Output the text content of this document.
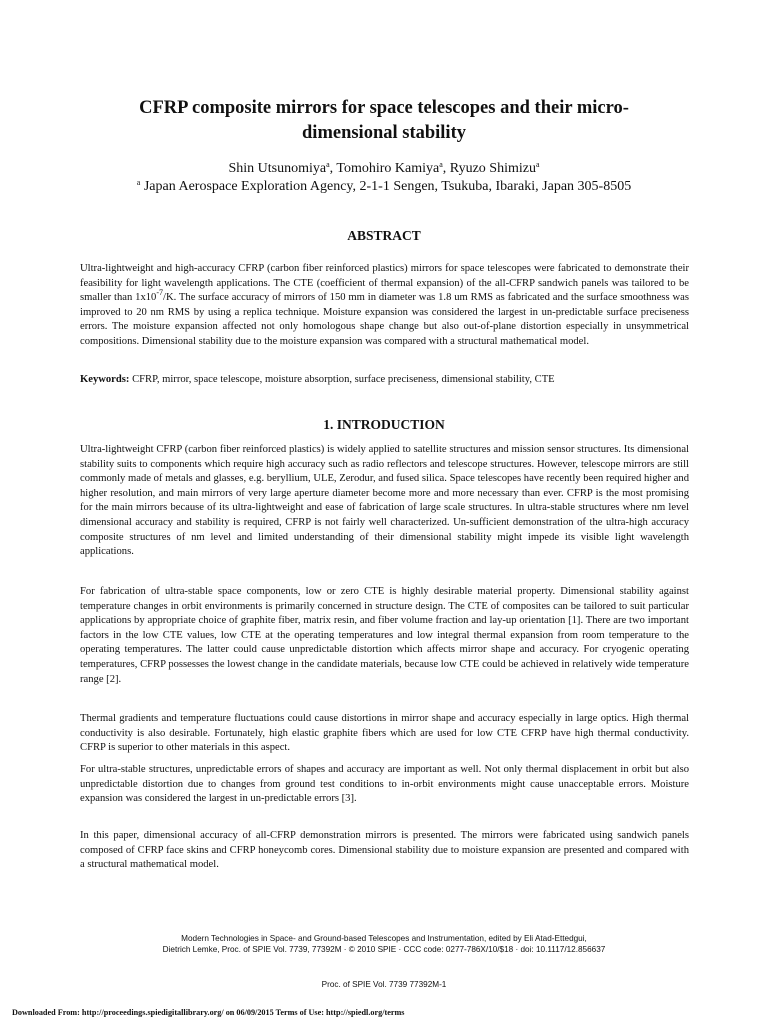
CFRP composite mirrors for space telescopes and their micro-
dimensional stability
Shin Utsunomiya$^a$, Tomohiro Kamiya$^a$, Ryuzo Shimizu$^a$
$^a$ Japan Aerospace Exploration Agency, 2-1-1 Sengen, Tsukuba, Ibaraki, Japan 305-8505
ABSTRACT

Ultra-lightweight and high-accuracy CFRP (carbon fiber reinforced plastics) mirrors for space telescopes were fabricated to demonstrate their feasibility for light wavelength applications. The CTE (coefficient of thermal expansion) of the all-CFRP sandwich panels was tailored to be smaller than $1x10^{-7}/K$. The surface accuracy of mirrors of 150 mm in diameter was 1.8 um RMS as fabricated and the surface smoothness was improved to 20 nm RMS by using a replica technique. Moisture expansion was considered the largest in un-predictable surface preciseness errors. The moisture expansion affected not only homologous shape change but also out-of-plane distortion especially in unsymmetrical compositions. Dimensional stability due to the moisture expansion was compared with a structural mathematical model.

Keywords: CFRP, mirror, space telescope, moisture absorption, surface preciseness, dimensional stability, CTE

1. INTRODUCTION

Ultra-lightweight CFRP (carbon fiber reinforced plastics) is widely applied to satellite structures and mission sensor structures. Its dimensional stability suits to components which require high accuracy such as radio reflectors and telescope structures. However, telescope mirrors are still commonly made of metals and glasses, e.g. beryllium, ULE, Zerodur, and fused silica. Space telescopes have recently been required higher and higher resolution, and main mirrors of very large aperture diameter become more and more necessary than ever. CFRP is the most promising for the main mirrors because of its ultra-lightweight and ease of fabrication of large scale structures. In ultra-stable structures where nm level dimensional accuracy and stability is required, CFRP is not fairly well characterized. Un-sufficient demonstration of the ultra-high accuracy composite structures of nm level and limited understanding of their dimensional stability might impede its visible light wavelength applications.

For fabrication of ultra-stable space components, low or zero CTE is highly desirable material property. Dimensional stability against temperature changes in orbit environments is primarily concerned in structure design. The CTE of composites can be tailored to suit particular applications by appropriate choice of graphite fiber, matrix resin, and fiber volume fraction and lay-up orientation [1]. There are two important factors in the low CTE values, low CTE at the operating temperatures and low integral thermal expansion from room temperature to the operating temperatures. The latter could cause unpredictable distortion which affects mirror shape and accuracy. For cryogenic operating temperatures, CFRP possesses the lowest change in the candidate materials, because low CTE could be achieved in relatively wide temperature range [2].

Thermal gradients and temperature fluctuations could cause distortions in mirror shape and accuracy especially in large optics. High thermal conductivity is also desirable. Fortunately, high elastic graphite fibers which are used for low CTE CFRP have high thermal conductivity. CFRP is superior to other materials in this aspect.

For ultra-stable structures, unpredictable errors of shapes and accuracy are important as well. Not only thermal displacement in orbit but also unpredictable distortion due to changes from ground test conditions to in-orbit environments might cause unacceptable errors. Moisture expansion was considered the largest in un-predictable errors [3].

In this paper, dimensional accuracy of all-CFRP demonstration mirrors is presented. The mirrors were fabricated using sandwich panels composed of CFRP face skins and CFRP honeycomb cores. Dimensional stability due to moisture expansion are presented and compared with a structural mathematical model.

Modern Technologies in Space- and Ground-based Telescopes and Instrumentation, edited by Eli Atad-Ettedgui,
Dietrich Lemke, Proc. of SPIE Vol. 7739, 77392M · © 2010 SPIE · CCC code: 0277-786X/10/$18 · doi: 10.1117/12.856637
Proc. of SPIE Vol. 7739 77392M-1
Downloaded From: http://proceedings.spiedigitallibrary.org/ on 06/09/2015 Terms of Use: http://spiedl.org/terms
